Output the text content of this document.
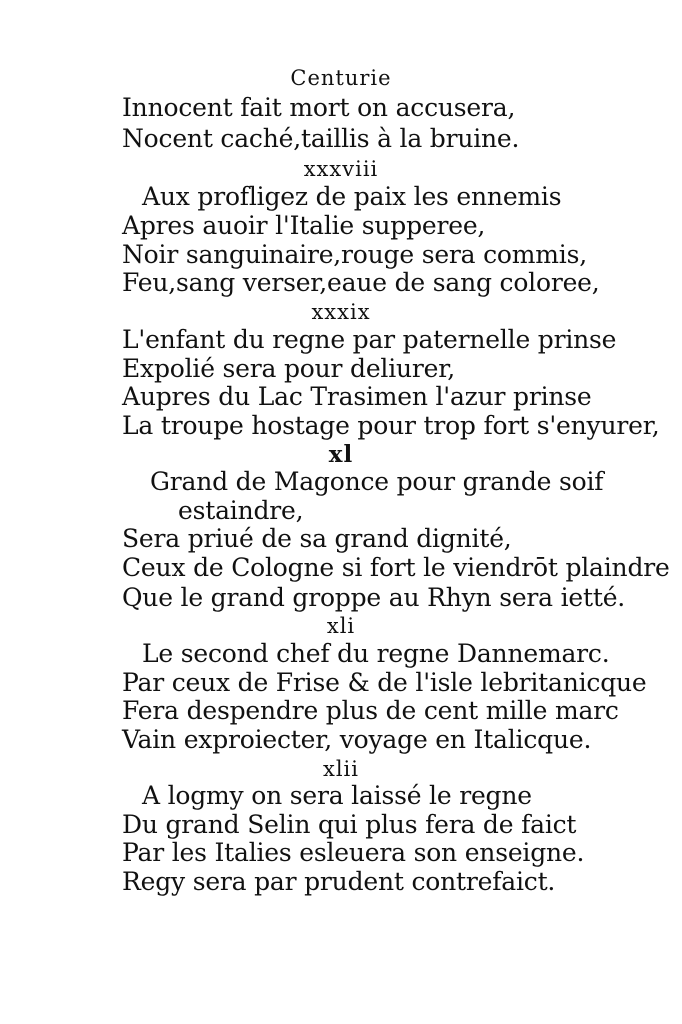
Centurie
Innocent fait mort on accusera,
Nocent caché,taillis à la bruine.
xxxviii
Aux profligez de paix les ennemis
Apres auoir l'Italie supperee,
Noir sanguinaire,rouge sera commis,
Feu,sang verser,eaue de sang coloree,
xxxix
L'enfant du regne par paternelle prinse
Expolié sera pour deliurer,
Aupres du Lac Trasimen l'azur prinse
La troupe hostage pour trop fort s'enyurer,
xl
Grand de Magonce pour grande soif
estaindre,
Sera priué de sa grand dignité,
Ceux de Cologne si fort le viendrōt plaindre
Que le grand groppe au Rhyn sera ietté.
xli
Le second chef du regne Dannemarc.
Par ceux de Frise & de l'isle lebritanicque
Fera despendre plus de cent mille marc
Vain exproiecter, voyage en Italicque.
xlii
A logmy on sera laissé le regne
Du grand Selin qui plus fera de faict
Par les Italies esleuera son enseigne.
Regy sera par prudent contrefaict.
